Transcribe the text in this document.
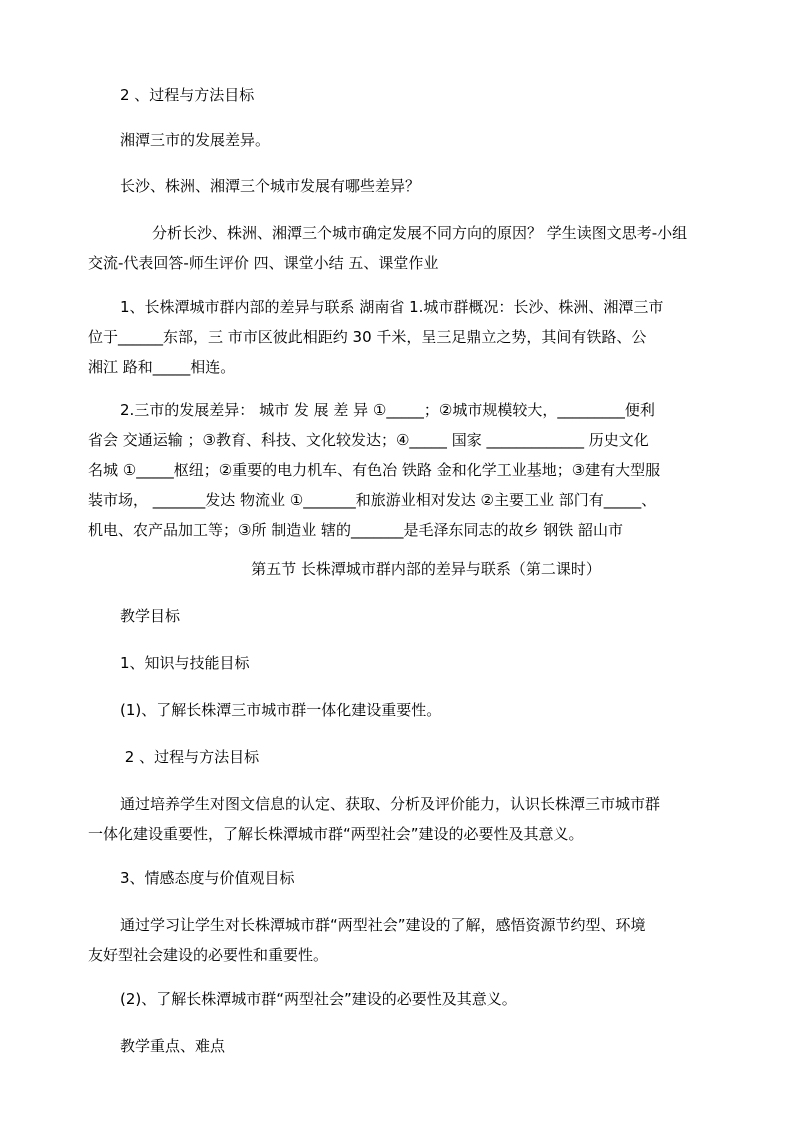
2 、过程与方法目标

湘潭三市的发展差异。

长沙、株洲、湘潭三个城市发展有哪些差异？

分析长沙、株洲、湘潭三个城市确定发展不同方向的原因？ 学生读图文思考-小组
交流-代表回答-师生评价 四、课堂小结 五、课堂作业

1、长株潭城市群内部的差异与联系 湖南省 1.城市群概况：长沙、株洲、湘潭三市
位于______东部，三 市市区彼此相距约 30 千米，呈三足鼎立之势，其间有铁路、公
湘江 路和_____相连。

2.三市的发展差异： 城市 发 展 差 异 ①_____；②城市规模较大，_________便利
省会 交通运输 ；③教育、科技、文化较发达；④_____ 国家 _____________ 历史文化
名城 ①_____枢纽；②重要的电力机车、有色冶 铁路 金和化学工业基地；③建有大型服
装市场， _______发达 物流业 ①_______和旅游业相对发达 ②主要工业 部门有_____、
机电、农产品加工等；③所 制造业 辖的_______是毛泽东同志的故乡 钢铁 韶山市

第五节 长株潭城市群内部的差异与联系（第二课时）

教学目标

1、知识与技能目标

(1)、了解长株潭三市城市群一体化建设重要性。

2 、过程与方法目标

通过培养学生对图文信息的认定、获取、分析及评价能力，认识长株潭三市城市群
一体化建设重要性，了解长株潭城市群“两型社会”建设的必要性及其意义。

3、情感态度与价值观目标

通过学习让学生对长株潭城市群“两型社会”建设的了解，感悟资源节约型、环境
友好型社会建设的必要性和重要性。

(2)、了解长株潭城市群“两型社会”建设的必要性及其意义。

教学重点、难点
